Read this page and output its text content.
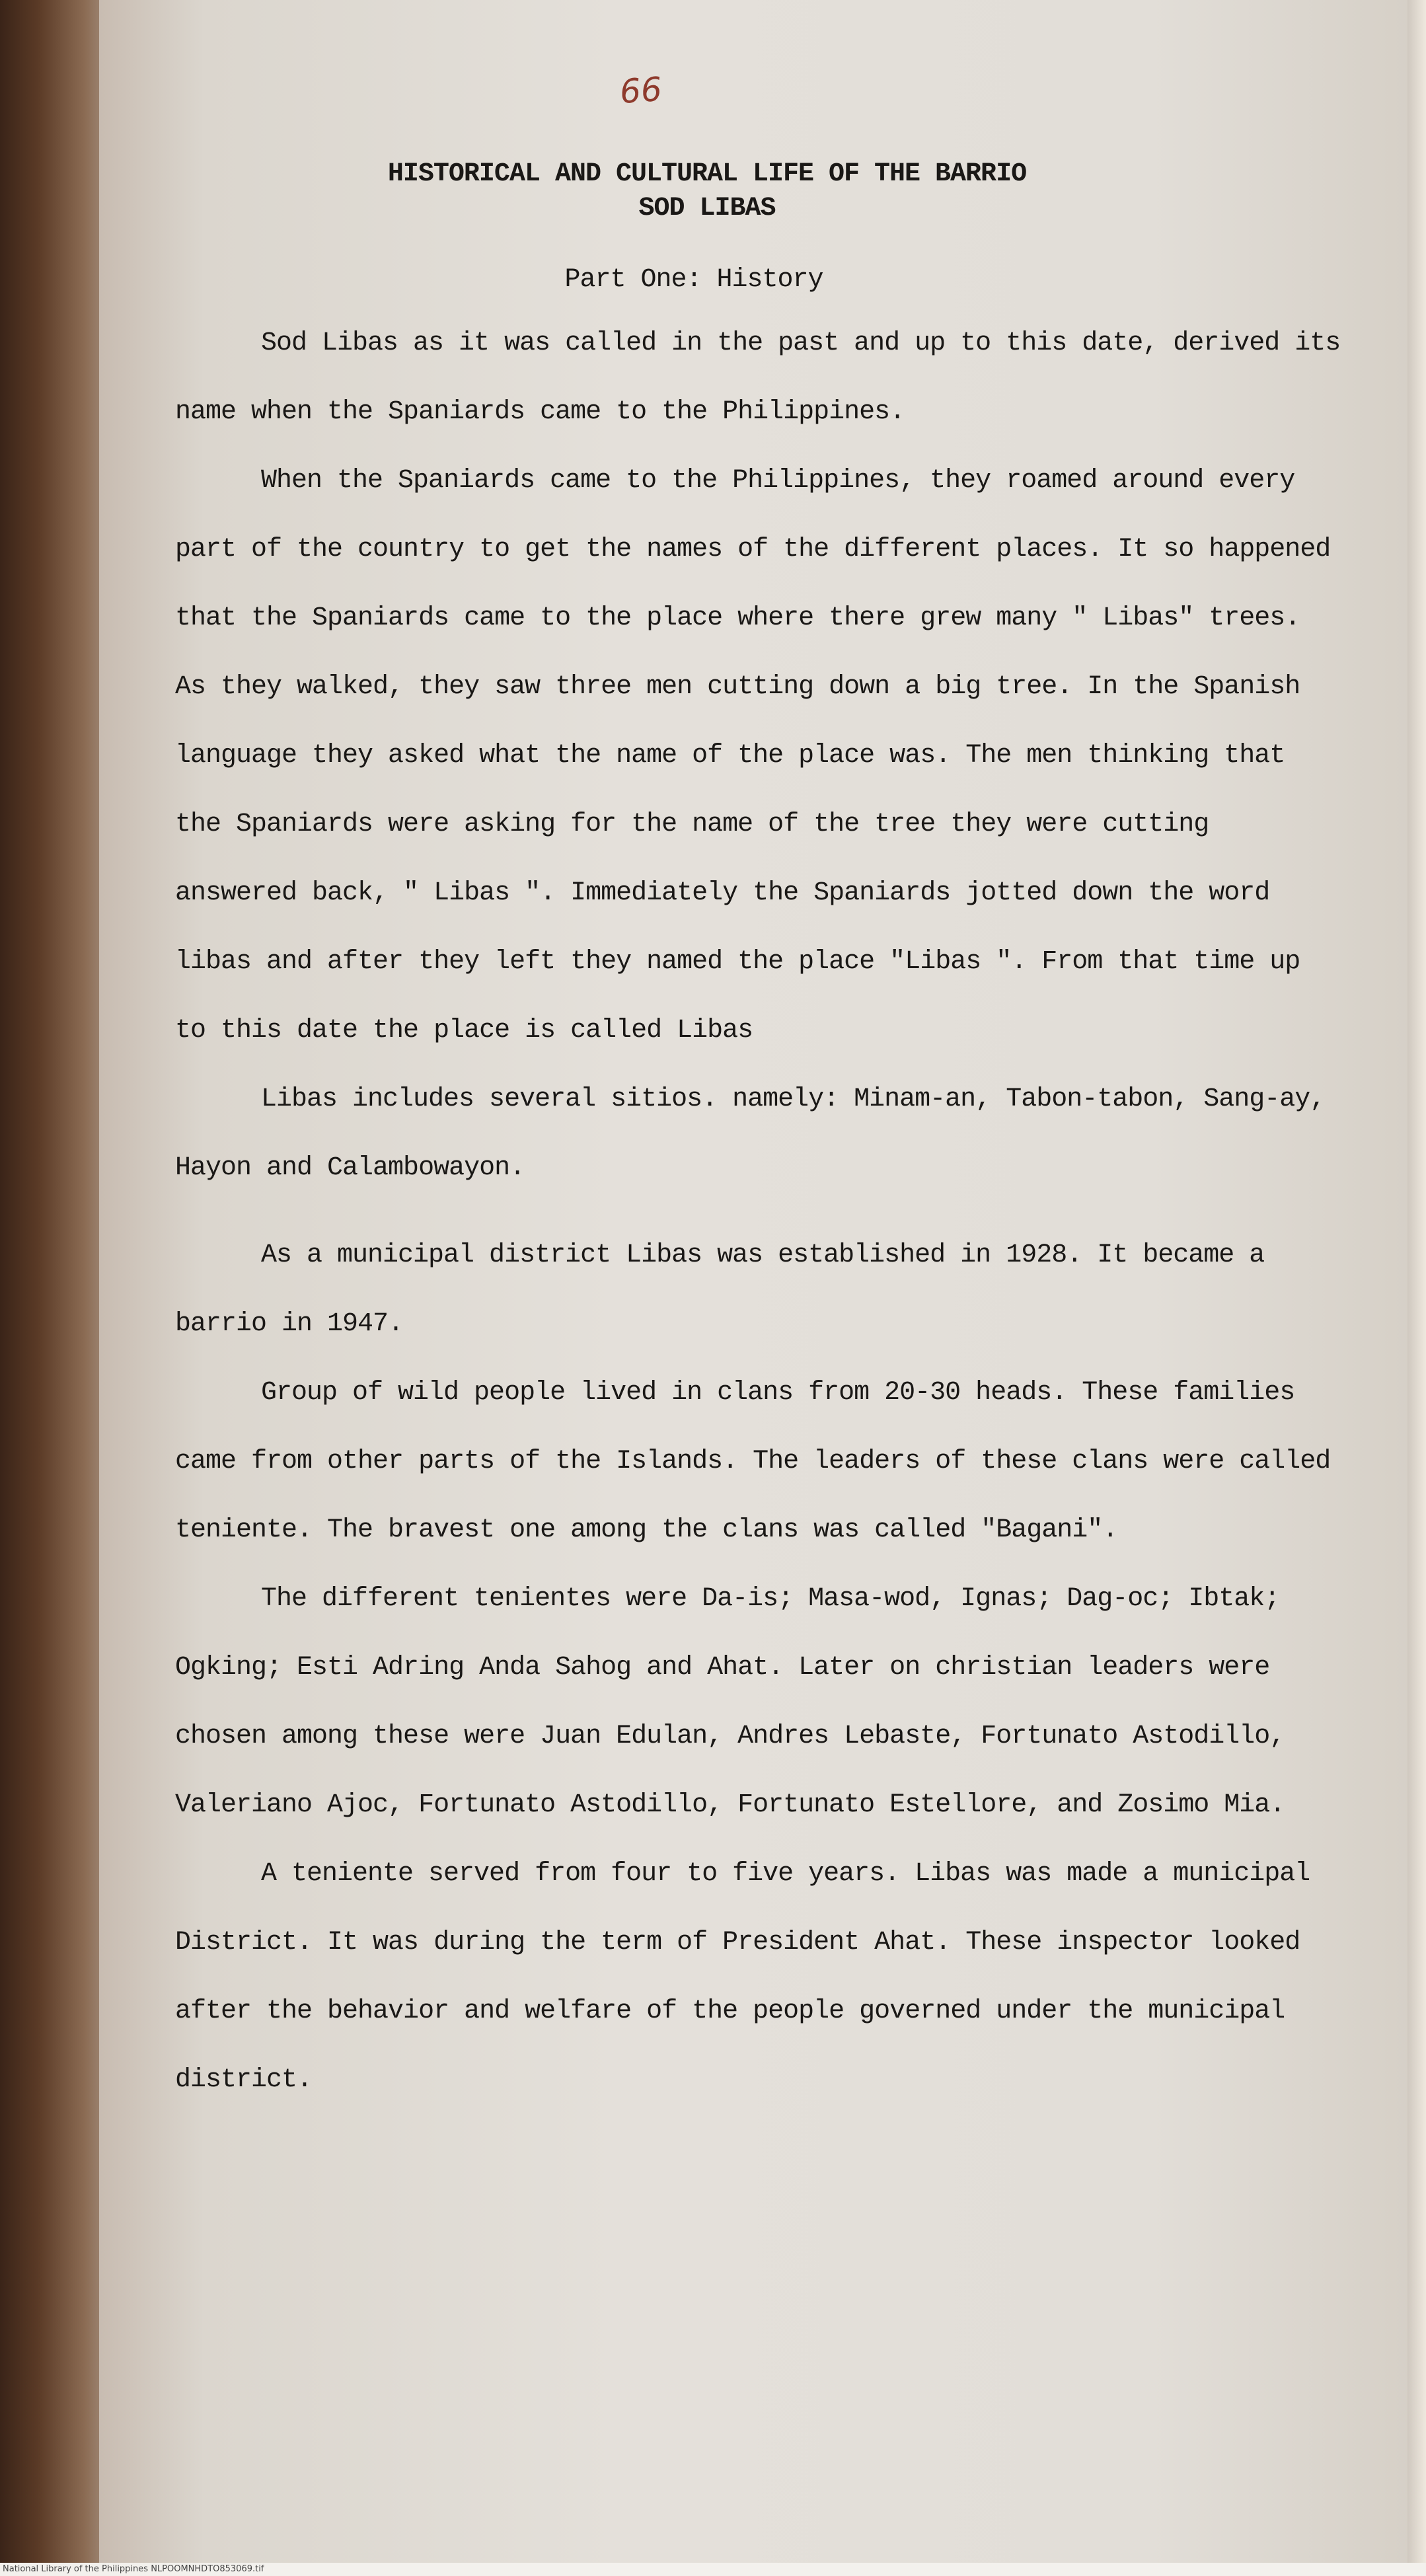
66
HISTORICAL AND CULTURAL LIFE OF THE BARRIO
SOD LIBAS
Part One: History

Sod Libas as it was called in the past and up to this date, derived its name when the Spaniards came to the Philippines.

When the Spaniards came to the Philippines, they roamed around every part of the country to get the names of the different places. It so happened that the Spaniards came to the place where there grew many " Libas" trees. As they walked, they saw three men cutting down a big tree. In the Spanish language they asked what the name of the place was. The men thinking that the Spaniards were asking for the name of the tree they were cutting answered back, " Libas ". Immediately the Spaniards jotted down the word libas and after they left they named the place "Libas ". From that time up to this date the place is called Libas

Libas includes several sitios. namely: Minam-an, Tabon-tabon, Sang-ay, Hayon and Calambowayon.

As a municipal district Libas was established in 1928. It became a barrio in 1947.

Group of wild people lived in clans from 20-30 heads. These families came from other parts of the Islands. The leaders of these clans were called teniente. The bravest one among the clans was called "Bagani".

The different tenientes were Da-is; Masa-wod, Ignas; Dag-oc; Ibtak; Ogking; Esti Adring Anda Sahog and Ahat. Later on christian leaders were chosen among these were Juan Edulan, Andres Lebaste, Fortunato Astodillo, Valeriano Ajoc, Fortunato Astodillo, Fortunato Estellore, and Zosimo Mia.

A teniente served from four to five years. Libas was made a municipal District. It was during the term of President Ahat. These inspector looked after the behavior and welfare of the people governed under the municipal district.

National Library of the Philippines NLPOOMNHDTO853069.tif
